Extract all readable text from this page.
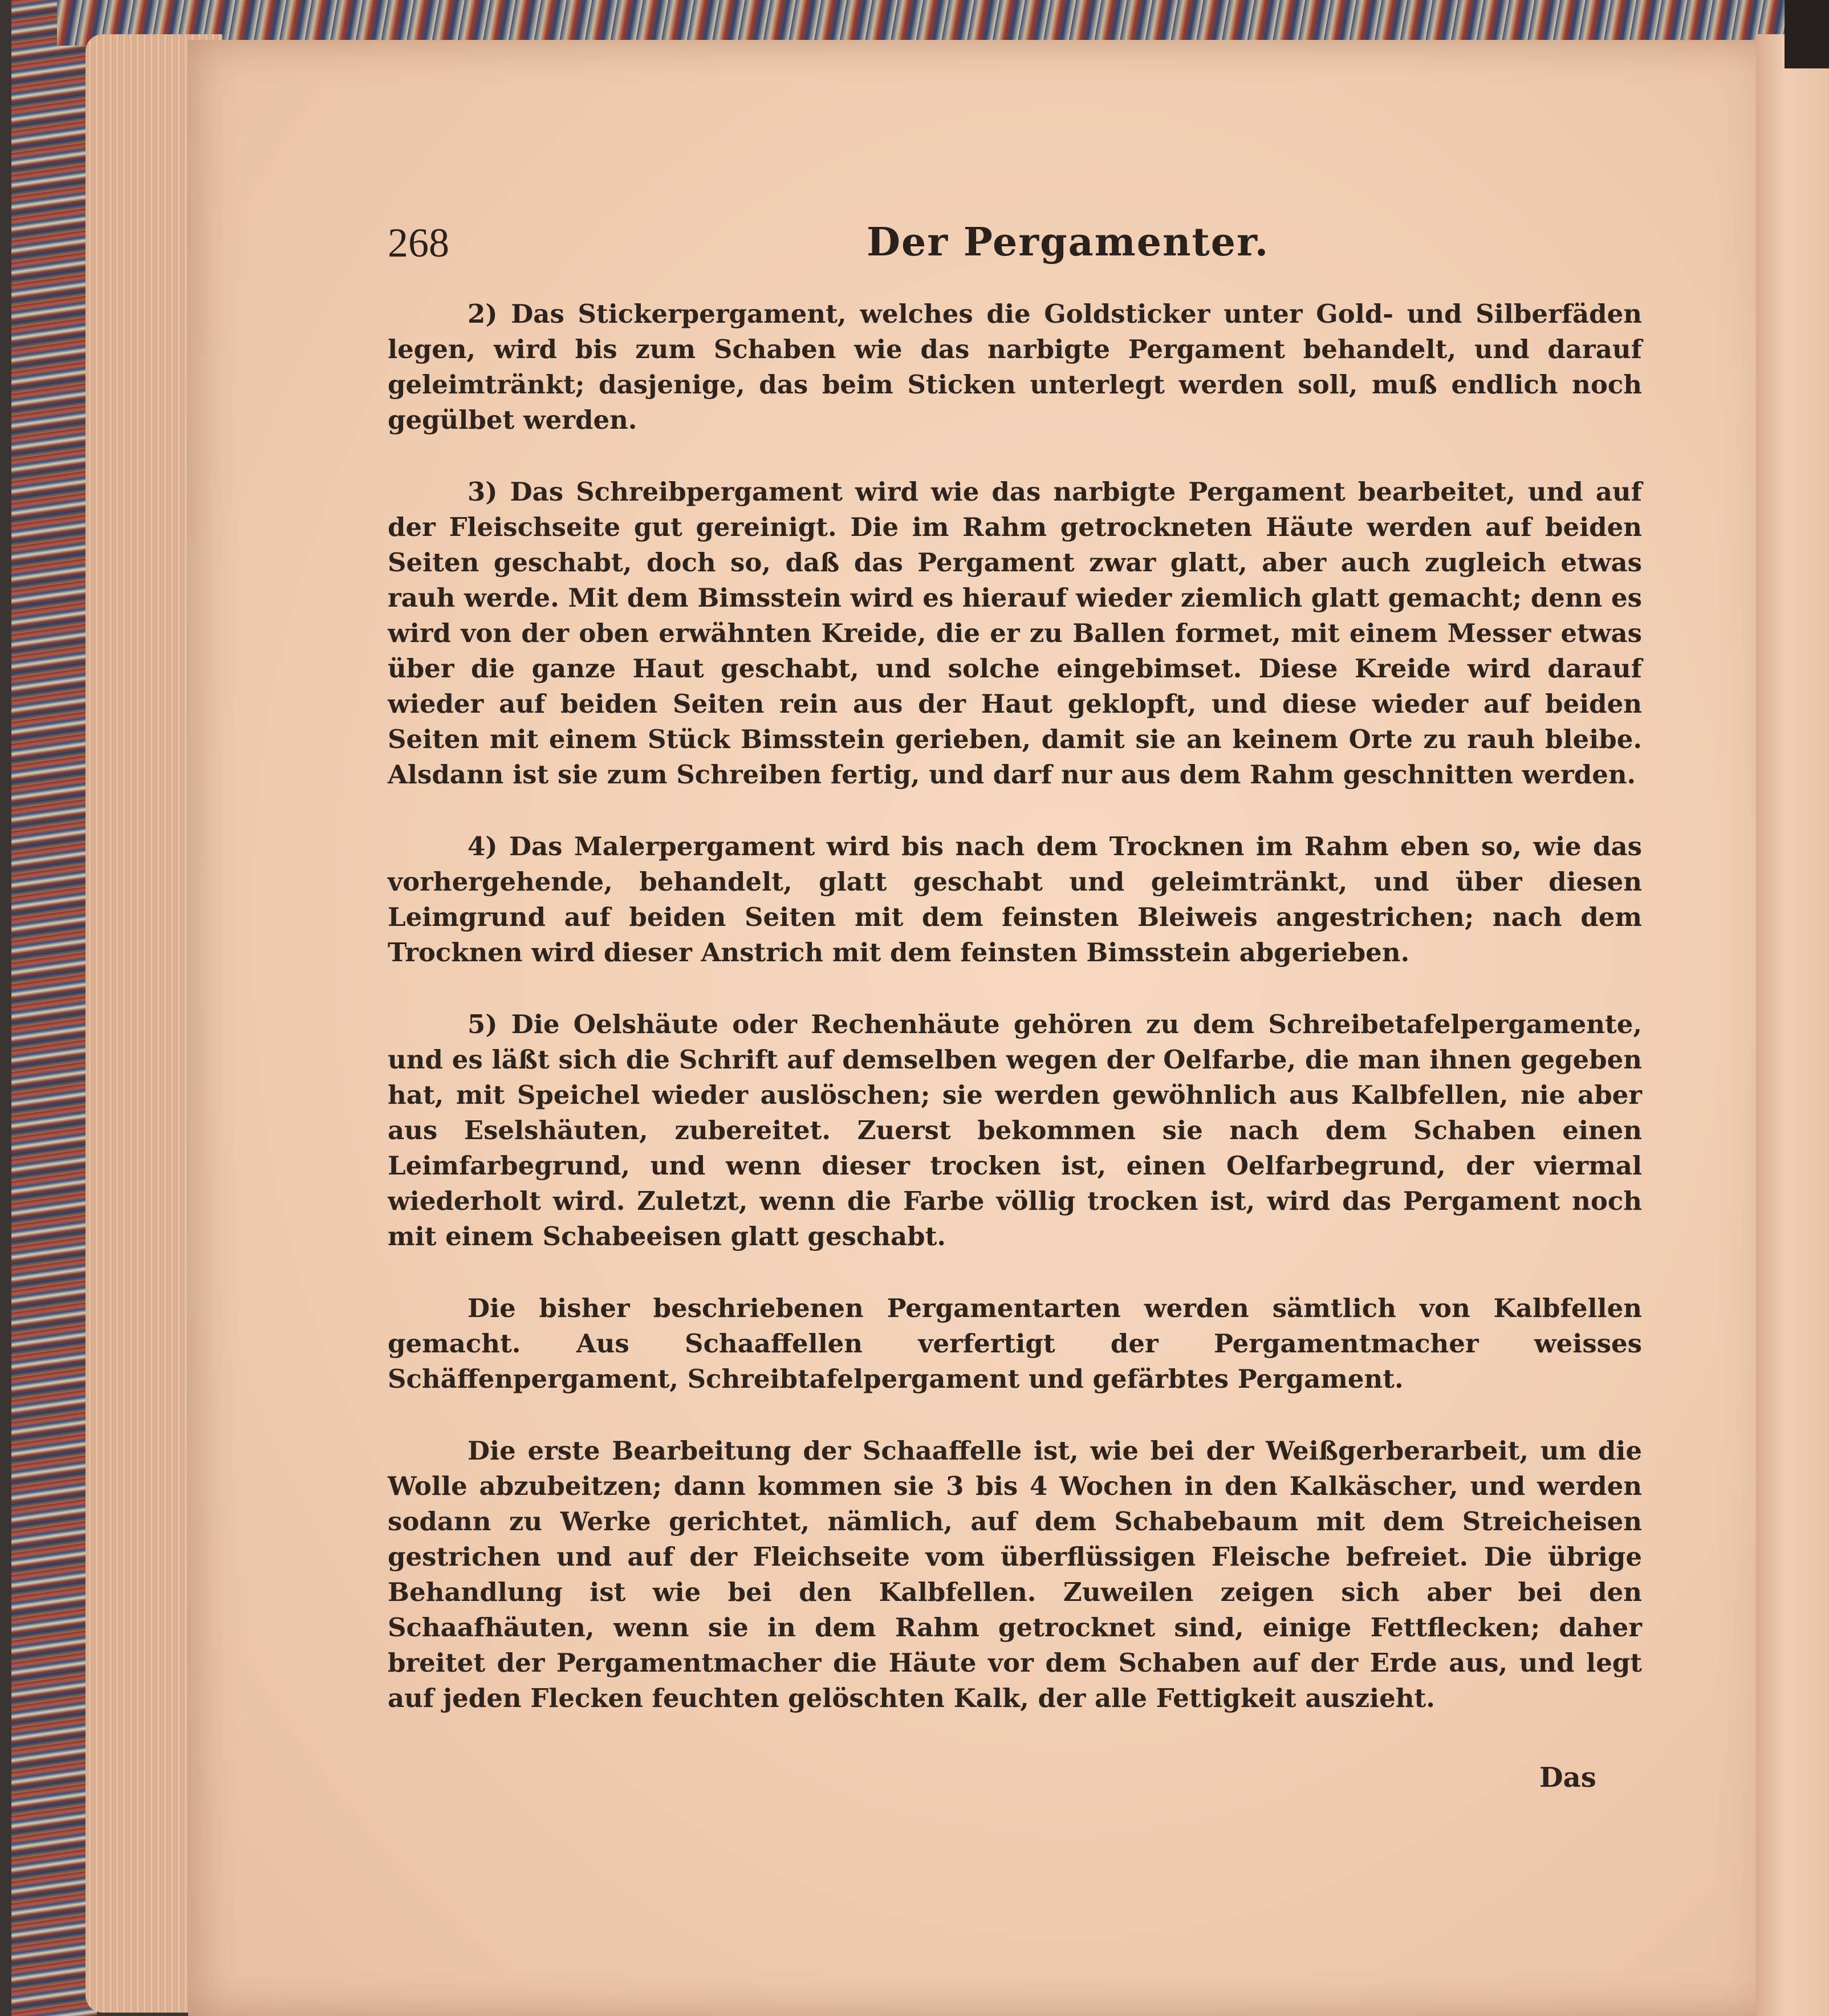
268	Der Pergamenter.

2) Das Stickerpergament, welches die Goldsticker unter Gold- und Silberfäden legen, wird bis zum Schaben wie das narbigte Pergament behandelt, und darauf geleimtränkt; dasjenige, das beim Sticken unterlegt werden soll, muß endlich noch gegülbet werden.

3) Das Schreibpergament wird wie das narbigte Pergament bearbeitet, und auf der Fleischseite gut gereinigt. Die im Rahm getrockneten Häute werden auf beiden Seiten geschabt, doch so, daß das Pergament zwar glatt, aber auch zugleich etwas rauh werde. Mit dem Bimsstein wird es hierauf wieder ziemlich glatt gemacht; denn es wird von der oben erwähnten Kreide, die er zu Ballen formet, mit einem Messer etwas über die ganze Haut geschabt, und solche eingebimset. Diese Kreide wird darauf wieder auf beiden Seiten rein aus der Haut geklopft, und diese wieder auf beiden Seiten mit einem Stück Bimsstein gerieben, damit sie an keinem Orte zu rauh bleibe. Alsdann ist sie zum Schreiben fertig, und darf nur aus dem Rahm geschnitten werden.

4) Das Malerpergament wird bis nach dem Trocknen im Rahm eben so, wie das vorhergehende, behandelt, glatt geschabt und geleimtränkt, und über diesen Leimgrund auf beiden Seiten mit dem feinsten Bleiweis angestrichen; nach dem Trocknen wird dieser Anstrich mit dem feinsten Bimsstein abgerieben.

5) Die Oelshäute oder Rechenhäute gehören zu dem Schreibetafelpergamente, und es läßt sich die Schrift auf demselben wegen der Oelfarbe, die man ihnen gegeben hat, mit Speichel wieder auslöschen; sie werden gewöhnlich aus Kalbfellen, nie aber aus Eselshäuten, zubereitet. Zuerst bekommen sie nach dem Schaben einen Leimfarbegrund, und wenn dieser trocken ist, einen Oelfarbegrund, der viermal wiederholt wird. Zuletzt, wenn die Farbe völlig trocken ist, wird das Pergament noch mit einem Schabeeisen glatt geschabt.

Die bisher beschriebenen Pergamentarten werden sämtlich von Kalbfellen gemacht. Aus Schaaffellen verfertigt der Pergamentmacher weisses Schäffenpergament, Schreibtafelpergament und gefärbtes Pergament.

Die erste Bearbeitung der Schaaffelle ist, wie bei der Weißgerberarbeit, um die Wolle abzubeitzen; dann kommen sie 3 bis 4 Wochen in den Kalkäscher, und werden sodann zu Werke gerichtet, nämlich, auf dem Schabebaum mit dem Streicheisen gestrichen und auf der Fleichseite vom überflüssigen Fleische befreiet. Die übrige Behandlung ist wie bei den Kalbfellen. Zuweilen zeigen sich aber bei den Schaafhäuten, wenn sie in dem Rahm getrocknet sind, einige Fettflecken; daher breitet der Pergamentmacher die Häute vor dem Schaben auf der Erde aus, und legt auf jeden Flecken feuchten gelöschten Kalk, der alle Fettigkeit auszieht.

Das
